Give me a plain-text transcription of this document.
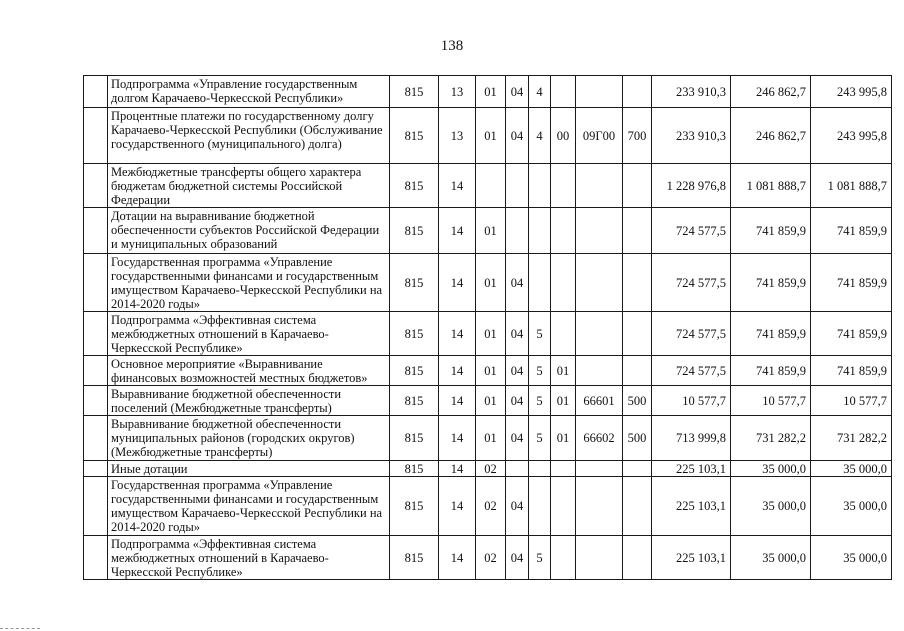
138
	Подпрограмма «Управление государственным долгом Карачаево-Черкесской Республики»	815	13	01	04	4				233 910,3	246 862,7	243 995,8
	Процентные платежи по государственному долгу Карачаево-Черкесской Республики (Обслуживание государственного (муниципального) долга)	815	13	01	04	4	00	09Г00	700	233 910,3	246 862,7	243 995,8
	Межбюджетные трансферты общего характера бюджетам бюджетной системы Российской Федерации	815	14							1 228 976,8	1 081 888,7	1 081 888,7
	Дотации на выравнивание бюджетной обеспеченности субъектов Российской Федерации и муниципальных образований	815	14	01						724 577,5	741 859,9	741 859,9
	Государственная программа «Управление государственными финансами и государственным имуществом Карачаево-Черкесской Республики на 2014-2020 годы»	815	14	01	04					724 577,5	741 859,9	741 859,9
	Подпрограмма «Эффективная система межбюджетных отношений в Карачаево-Черкесской Республике»	815	14	01	04	5				724 577,5	741 859,9	741 859,9
	Основное мероприятие «Выравнивание финансовых возможностей местных бюджетов»	815	14	01	04	5	01			724 577,5	741 859,9	741 859,9
	Выравнивание бюджетной обеспеченности поселений (Межбюджетные трансферты)	815	14	01	04	5	01	66601	500	10 577,7	10 577,7	10 577,7
	Выравнивание бюджетной обеспеченности муниципальных районов (городских округов) (Межбюджетные трансферты)	815	14	01	04	5	01	66602	500	713 999,8	731 282,2	731 282,2
	Иные дотации	815	14	02						225 103,1	35 000,0	35 000,0
	Государственная программа «Управление государственными финансами и государственным имуществом Карачаево-Черкесской Республики на 2014-2020 годы»	815	14	02	04					225 103,1	35 000,0	35 000,0
	Подпрограмма «Эффективная система межбюджетных отношений в Карачаево-Черкесской Республике»	815	14	02	04	5				225 103,1	35 000,0	35 000,0
